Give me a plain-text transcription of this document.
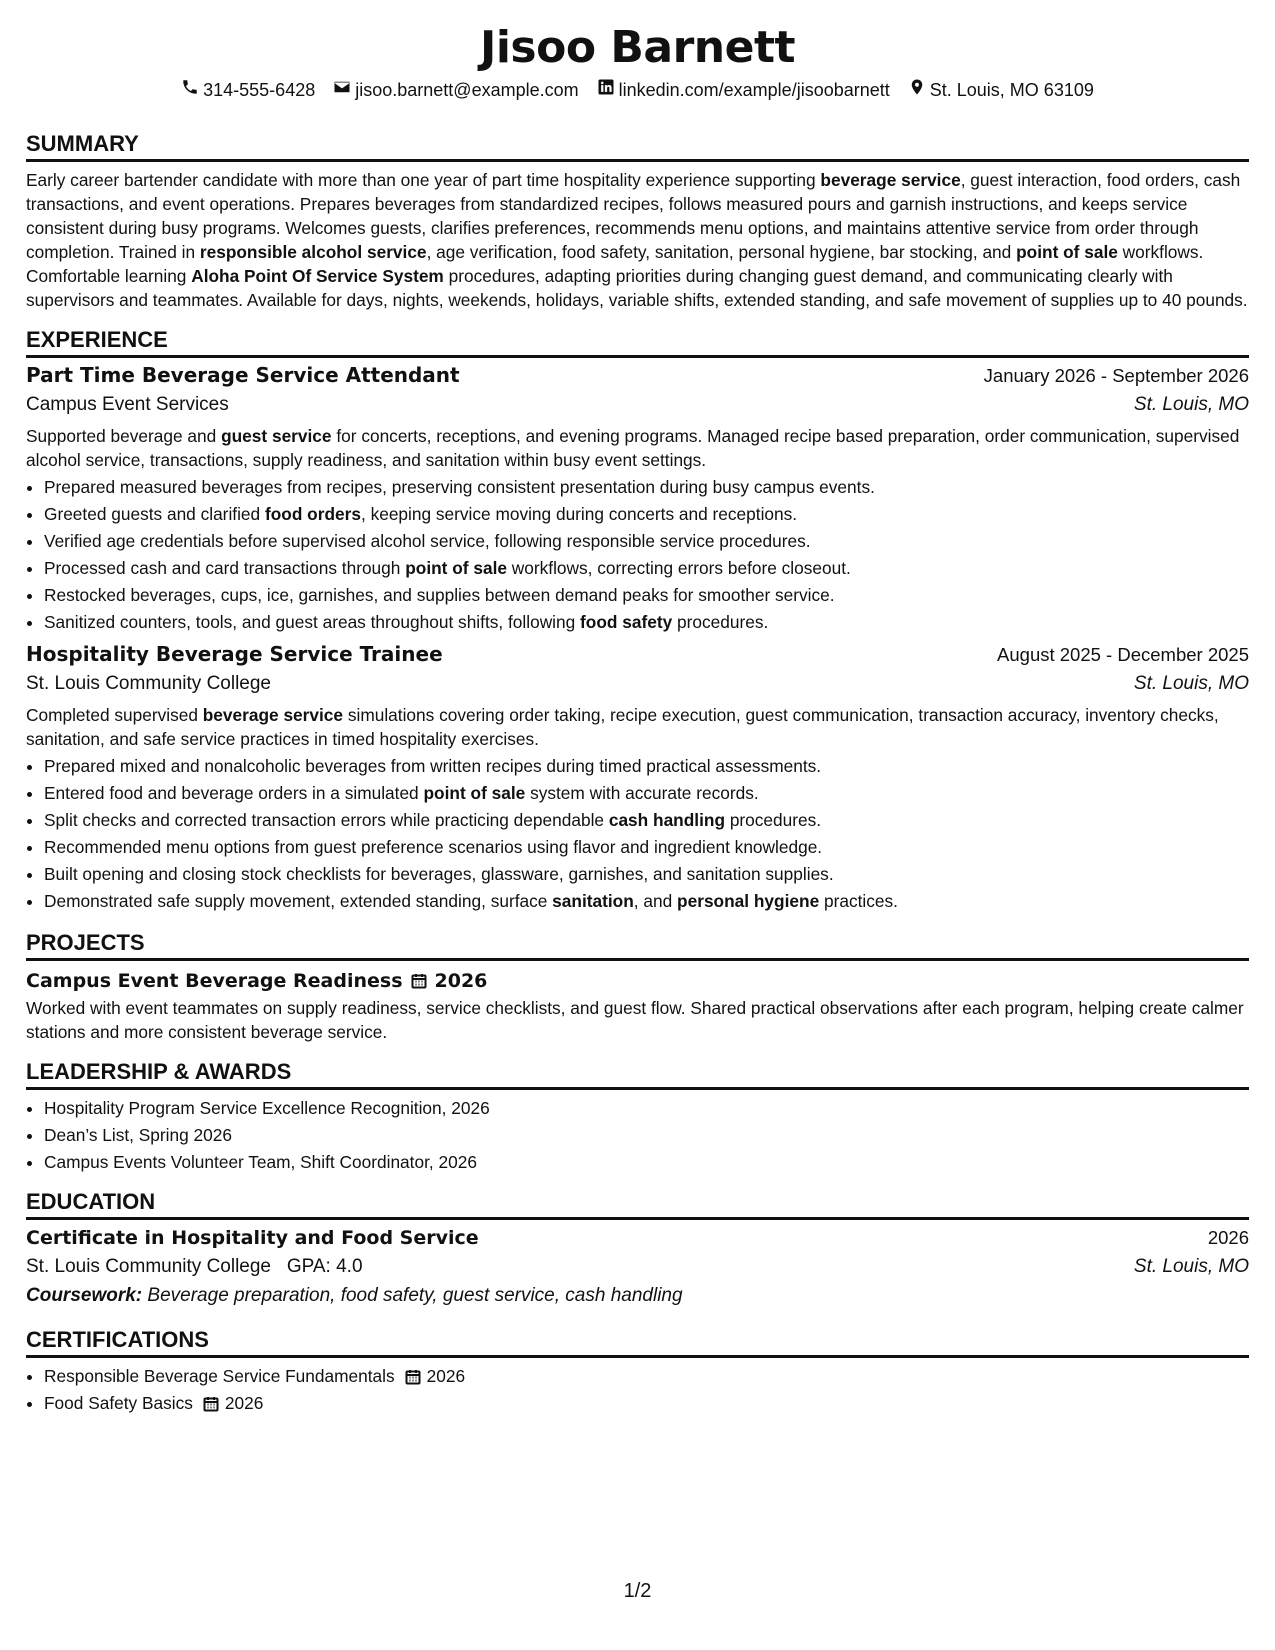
Jisoo Barnett
314-555-6428 jisoo.barnett@example.com linkedin.com/example/jisoobarnett St. Louis, MO 63109
SUMMARY

Early career bartender candidate with more than one year of part time hospitality experience supporting beverage service, guest interaction, food orders, cash transactions, and event operations. Prepares beverages from standardized recipes, follows measured pours and garnish instructions, and keeps service consistent during busy programs. Welcomes guests, clarifies preferences, recommends menu options, and maintains attentive service from order through completion. Trained in responsible alcohol service, age verification, food safety, sanitation, personal hygiene, bar stocking, and point of sale workflows. Comfortable learning Aloha Point Of Service System procedures, adapting priorities during changing guest demand, and communicating clearly with supervisors and teammates. Available for days, nights, weekends, holidays, variable shifts, extended standing, and safe movement of supplies up to 40 pounds.

EXPERIENCE
Part Time Beverage Service Attendant	January 2026 - September 2026
Campus Event Services	St. Louis, MO

Supported beverage and guest service for concerts, receptions, and evening programs. Managed recipe based preparation, order communication, supervised alcohol service, transactions, supply readiness, and sanitation within busy event settings.

• Prepared measured beverages from recipes, preserving consistent presentation during busy campus events.
• Greeted guests and clarified food orders, keeping service moving during concerts and receptions.
• Verified age credentials before supervised alcohol service, following responsible service procedures.
• Processed cash and card transactions through point of sale workflows, correcting errors before closeout.
• Restocked beverages, cups, ice, garnishes, and supplies between demand peaks for smoother service.
• Sanitized counters, tools, and guest areas throughout shifts, following food safety procedures.
Hospitality Beverage Service Trainee	August 2025 - December 2025
St. Louis Community College	St. Louis, MO

Completed supervised beverage service simulations covering order taking, recipe execution, guest communication, transaction accuracy, inventory checks, sanitation, and safe service practices in timed hospitality exercises.

• Prepared mixed and nonalcoholic beverages from written recipes during timed practical assessments.
• Entered food and beverage orders in a simulated point of sale system with accurate records.
• Split checks and corrected transaction errors while practicing dependable cash handling procedures.
• Recommended menu options from guest preference scenarios using flavor and ingredient knowledge.
• Built opening and closing stock checklists for beverages, glassware, garnishes, and sanitation supplies.
• Demonstrated safe supply movement, extended standing, surface sanitation, and personal hygiene practices.
PROJECTS
Campus Event Beverage Readiness 2026

Worked with event teammates on supply readiness, service checklists, and guest flow. Shared practical observations after each program, helping create calmer stations and more consistent beverage service.

LEADERSHIP & AWARDS
• Hospitality Program Service Excellence Recognition, 2026
• Dean’s List, Spring 2026
• Campus Events Volunteer Team, Shift Coordinator, 2026
EDUCATION
Certificate in Hospitality and Food Service	2026
St. Louis Community College GPA: 4.0	St. Louis, MO
Coursework: Beverage preparation, food safety, guest service, cash handling
CERTIFICATIONS
• Responsible Beverage Service Fundamentals 2026
• Food Safety Basics 2026
1/2
